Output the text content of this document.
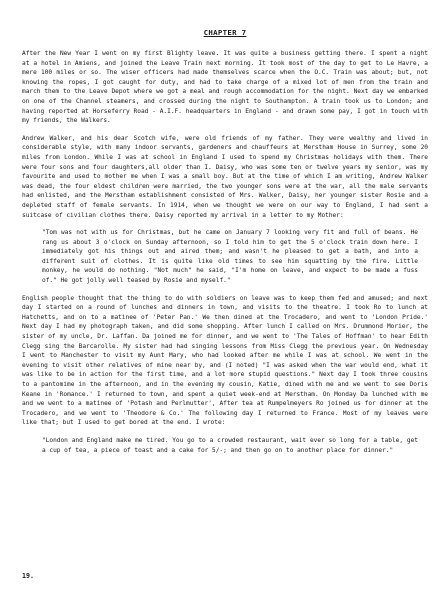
CHAPTER 7

After the New Year I went on my first Blighty leave. It was quite a business getting there. I spent a night at a hotel in Amiens, and joined the Leave Train next morning. It took most of the day to get to Le Havre, a mere 100 miles or so. The wiser officers had made themselves scarce when the O.C. Train was about; but, not knowing the ropes, I got caught for duty, and had to take charge of a mixed lot of men from the train and march them to the Leave Depot where we got a meal and rough accommodation for the night. Next day we embarked on one of the Channel steamers, and crossed during the night to Southampton. A train took us to London; and having reported at Horseferry Road - A.I.F. headquarters in England - and drawn some pay, I got in touch with my friends, the Walkers.

Andrew Walker, and his dear Scotch wife, were old friends of my father. They were wealthy and lived in considerable style, with many indoor servants, gardeners and chauffeurs at Merstham House in Surrey, some 20 miles from London. While I was at school in England I used to spend my Christmas holidays with them. There were four sons and four daughters,all older than I. Daisy, who was some ten or twelve years my senior, was my favourite and used to mother me when I was a small boy. But at the time of which I am writing, Andrew Walker was dead, the four eldest children were married, the two younger sons were at the war, all the male servants had enlisted, and the Merstham establishment consisted of Mrs. Walker, Daisy, her younger sister Rosie and a depleted staff of female servants. In 1914, when we thought we were on our way to England, I had sent a suitcase of civilian clothes there. Daisy reported my arrival in a letter to my Mother:

"Tom was not with us for Christmas, but he came on January 7 looking very fit and full of beans. He rang us about 3 o'clock on Sunday afternoon, so I told him to get the 5 o'clock train down here. I immediately got his things out and aired them; and wasn't he pleased to get a bath, and into a different suit of clothes. It is quite like old times to see him squatting by the fire. Little monkey, he would do nothing. "Not much" he said, "I'm home on leave, and expect to be made a fuss of." He got jolly well teased by Rosie and myself."

English people thought that the thing to do with soldiers on leave was to keep them fed and amused; and next day I started on a round of lunches and dinners in town, and visits to the theatre. I took Ro to lunch at Hatchetts, and on to a matinee of 'Peter Pan.' We then dined at the Trocadero, and went to 'London Pride.' Next day I had my photograph taken, and did some shopping. After lunch I called on Mrs. Drummond Morier, the sister of my uncle, Dr. Laffan. Da joined me for dinner, and we went to 'The Tales of Hoffman' to hear Edith Clegg sing the Barcarolle. My sister had had singing lessons from Miss Clegg the previous year. On Wednesday I went to Manchester to visit my Aunt Mary, who had looked after me while I was at school. We went in the evening to visit other relatives of mine near by, and (I noted) "I was asked when the war would end, what it was like to be in action for the first time, and a lot more stupid questions." Next day I took three cousins to a pantomime in the afternoon, and in the evening my cousin, Katie, dined with me and we went to see Doris Keane in 'Romance.' I returned to town, and spent a quiet week-end at Merstham. On Monday Da lunched with me and we went to a matinee of 'Potash and Perlmutter', After tea at Rumpelmeyers Ro joined us for dinner at the Trocadero, and we went to 'Theodore & Co.' The following day I returned to France. Most of my leaves were like that; but I used to get bored at the end. I wrote:

"London and England make me tired. You go to a crowded restaurant, wait ever so long for a table, get a cup of tea, a piece of toast and a cake for 5/-; and then go on to another place for dinner."

19.
